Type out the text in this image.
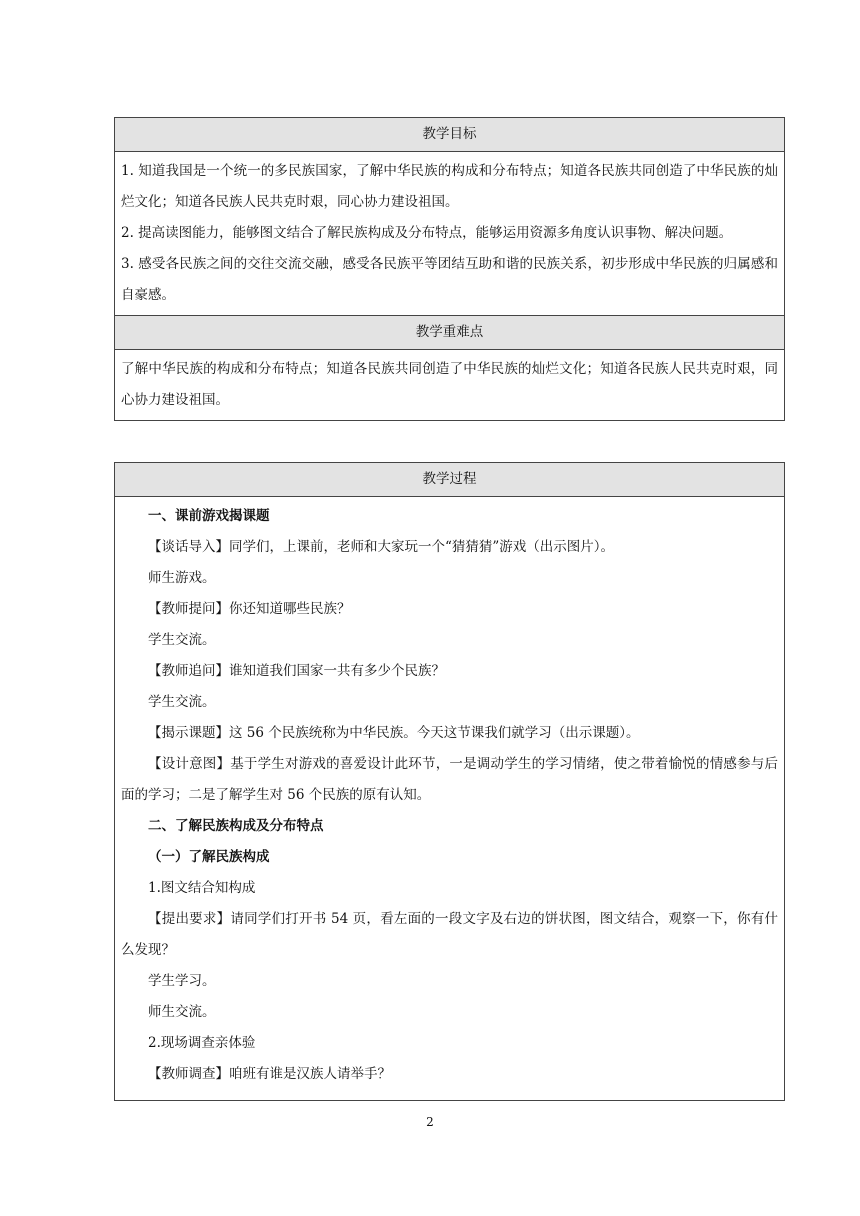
教学目标

1. 知道我国是一个统一的多民族国家，了解中华民族的构成和分布特点；知道各民族共同创造了中华民族的灿烂文化；知道各民族人民共克时艰，同心协力建设祖国。

2. 提高读图能力，能够图文结合了解民族构成及分布特点，能够运用资源多角度认识事物、解决问题。

3. 感受各民族之间的交往交流交融，感受各民族平等团结互助和谐的民族关系，初步形成中华民族的归属感和自豪感。

教学重难点

了解中华民族的构成和分布特点；知道各民族共同创造了中华民族的灿烂文化；知道各民族人民共克时艰，同心协力建设祖国。

教学过程

一、课前游戏揭课题

【谈话导入】同学们，上课前，老师和大家玩一个“猜猜猜”游戏（出示图片）。

师生游戏。

【教师提问】你还知道哪些民族？

学生交流。

【教师追问】谁知道我们国家一共有多少个民族？

学生交流。

【揭示课题】这 56 个民族统称为中华民族。今天这节课我们就学习（出示课题）。

【设计意图】基于学生对游戏的喜爱设计此环节，一是调动学生的学习情绪，使之带着愉悦的情感参与后面的学习；二是了解学生对 56 个民族的原有认知。

二、了解民族构成及分布特点

（一）了解民族构成

1.图文结合知构成

【提出要求】请同学们打开书 54 页，看左面的一段文字及右边的饼状图，图文结合，观察一下，你有什么发现？

学生学习。

师生交流。

2.现场调查亲体验

【教师调查】咱班有谁是汉族人请举手？

2
